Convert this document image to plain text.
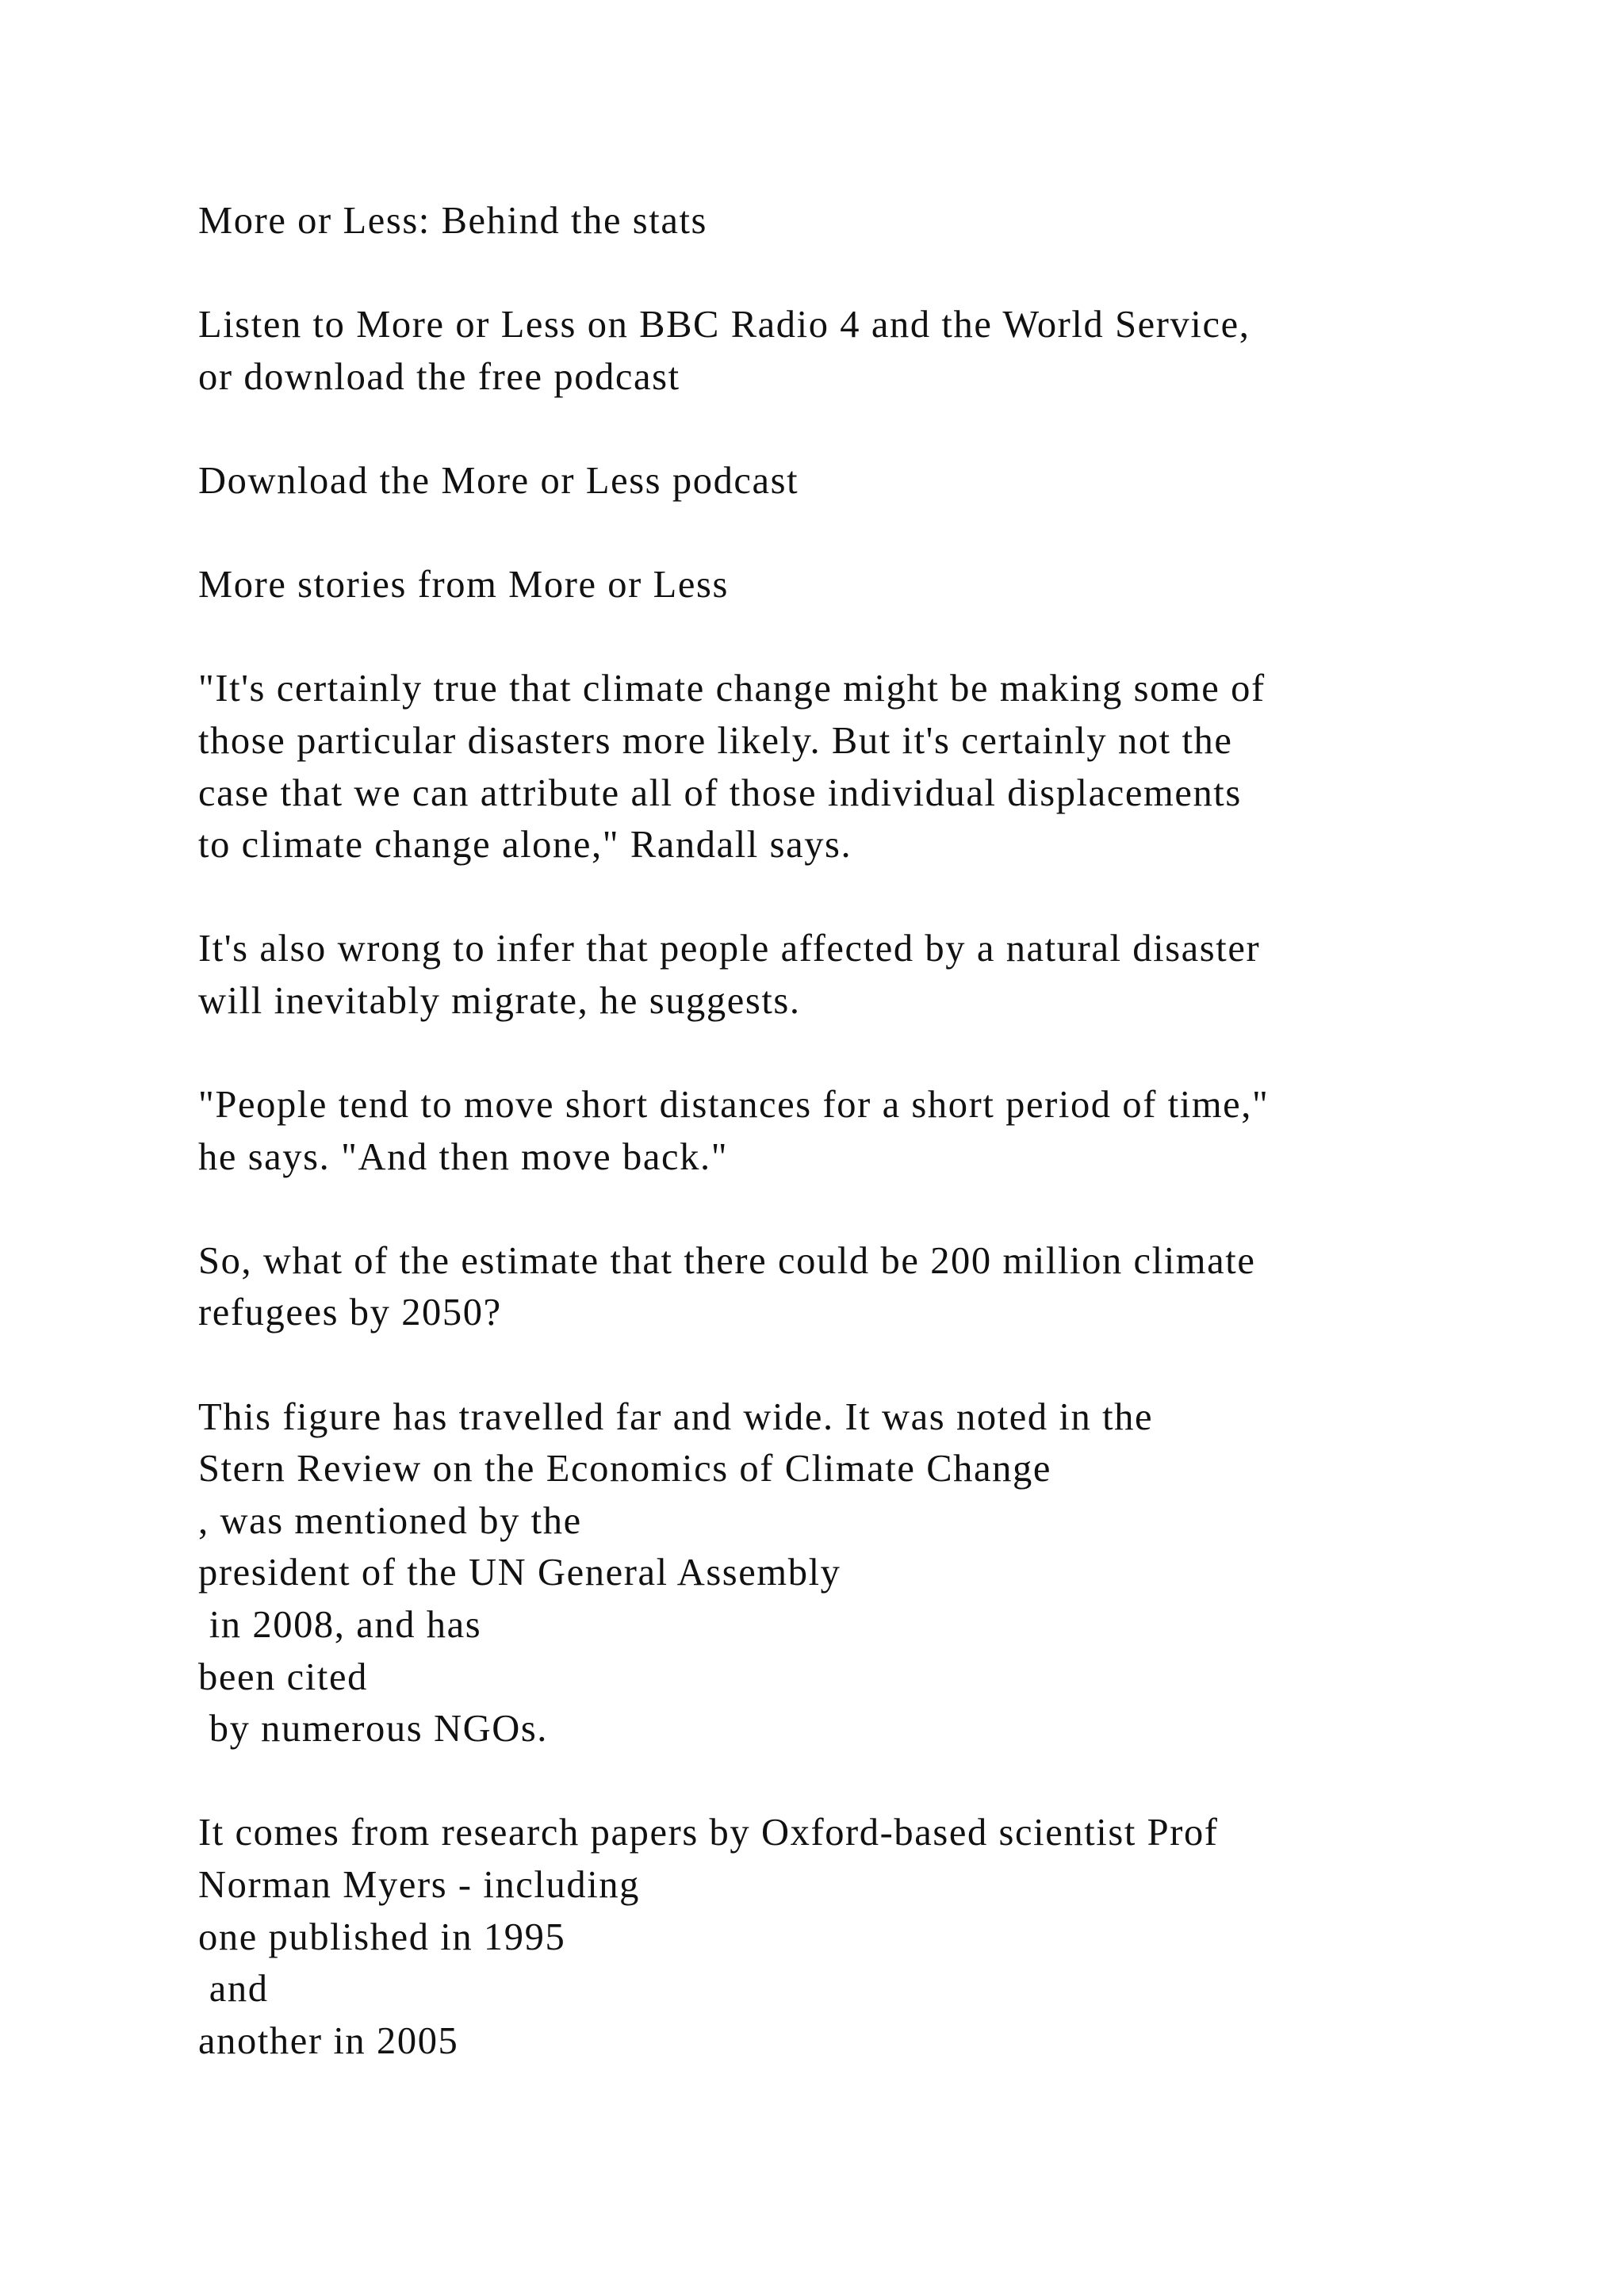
More or Less: Behind the stats
Listen to More or Less on BBC Radio 4 and the World Service,
or download the free podcast
Download the More or Less podcast
More stories from More or Less
"It's certainly true that climate change might be making some of
those particular disasters more likely. But it's certainly not the
case that we can attribute all of those individual displacements
to climate change alone," Randall says.
It's also wrong to infer that people affected by a natural disaster
will inevitably migrate, he suggests.
"People tend to move short distances for a short period of time,"
he says. "And then move back."
So, what of the estimate that there could be 200 million climate
refugees by 2050?
This figure has travelled far and wide. It was noted in the
Stern Review on the Economics of Climate Change
, was mentioned by the
president of the UN General Assembly
in 2008, and has
been cited
by numerous NGOs.
It comes from research papers by Oxford-based scientist Prof
Norman Myers - including
one published in 1995
and
another in 2005
